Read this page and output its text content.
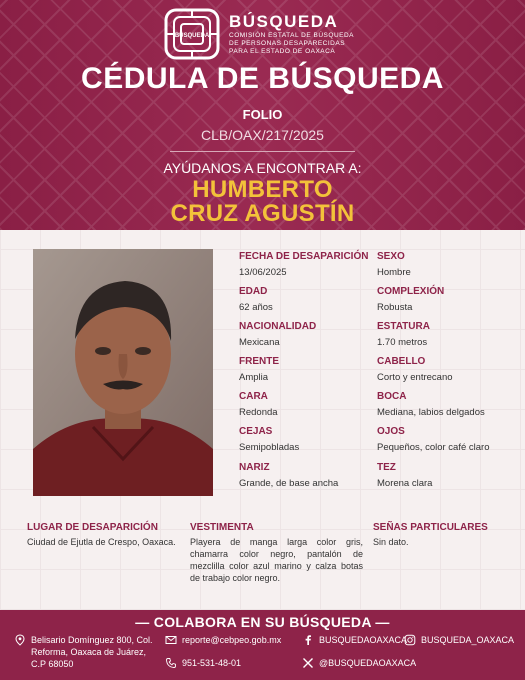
BÚSQUEDA
BÚSQUEDA
COMISIÓN ESTATAL DE BÚSQUEDA DE PERSONAS DESAPARECIDAS PARA EL ESTADO DE OAXACA
CÉDULA DE BÚSQUEDA
FOLIO
CLB/OAX/217/2025
AYÚDANOS A ENCONTRAR A:
HUMBERTO
CRUZ AGUSTÍN
FECHA DE DESAPARICIÓN
13/06/2025
EDAD
62 años
NACIONALIDAD
Mexicana
FRENTE
Amplia
CARA
Redonda
CEJAS
Semipobladas
NARIZ
Grande, de base ancha
SEXO
Hombre
COMPLEXIÓN
Robusta
ESTATURA
1.70 metros
CABELLO
Corto y entrecano
BOCA
Mediana, labios delgados
OJOS
Pequeños, color café claro
TEZ
Morena clara
LUGAR DE DESAPARICIÓN
Ciudad de Ejutla de Crespo, Oaxaca.
VESTIMENTA
Playera de manga larga color gris, chamarra color negro, pantalón de mezclilla color azul marino y calza botas de trabajo color negro.
SEÑAS PARTICULARES
Sin dato.
— COLABORA EN SU BÚSQUEDA —
Belisario Domínguez 800, Col. Reforma, Oaxaca de Juárez, C.P 68050
reporte@cebpeo.gob.mx
951-531-48-01
BUSQUEDAOAXACA BUSQUEDA_OAXACA
@BUSQUEDAOAXACA
